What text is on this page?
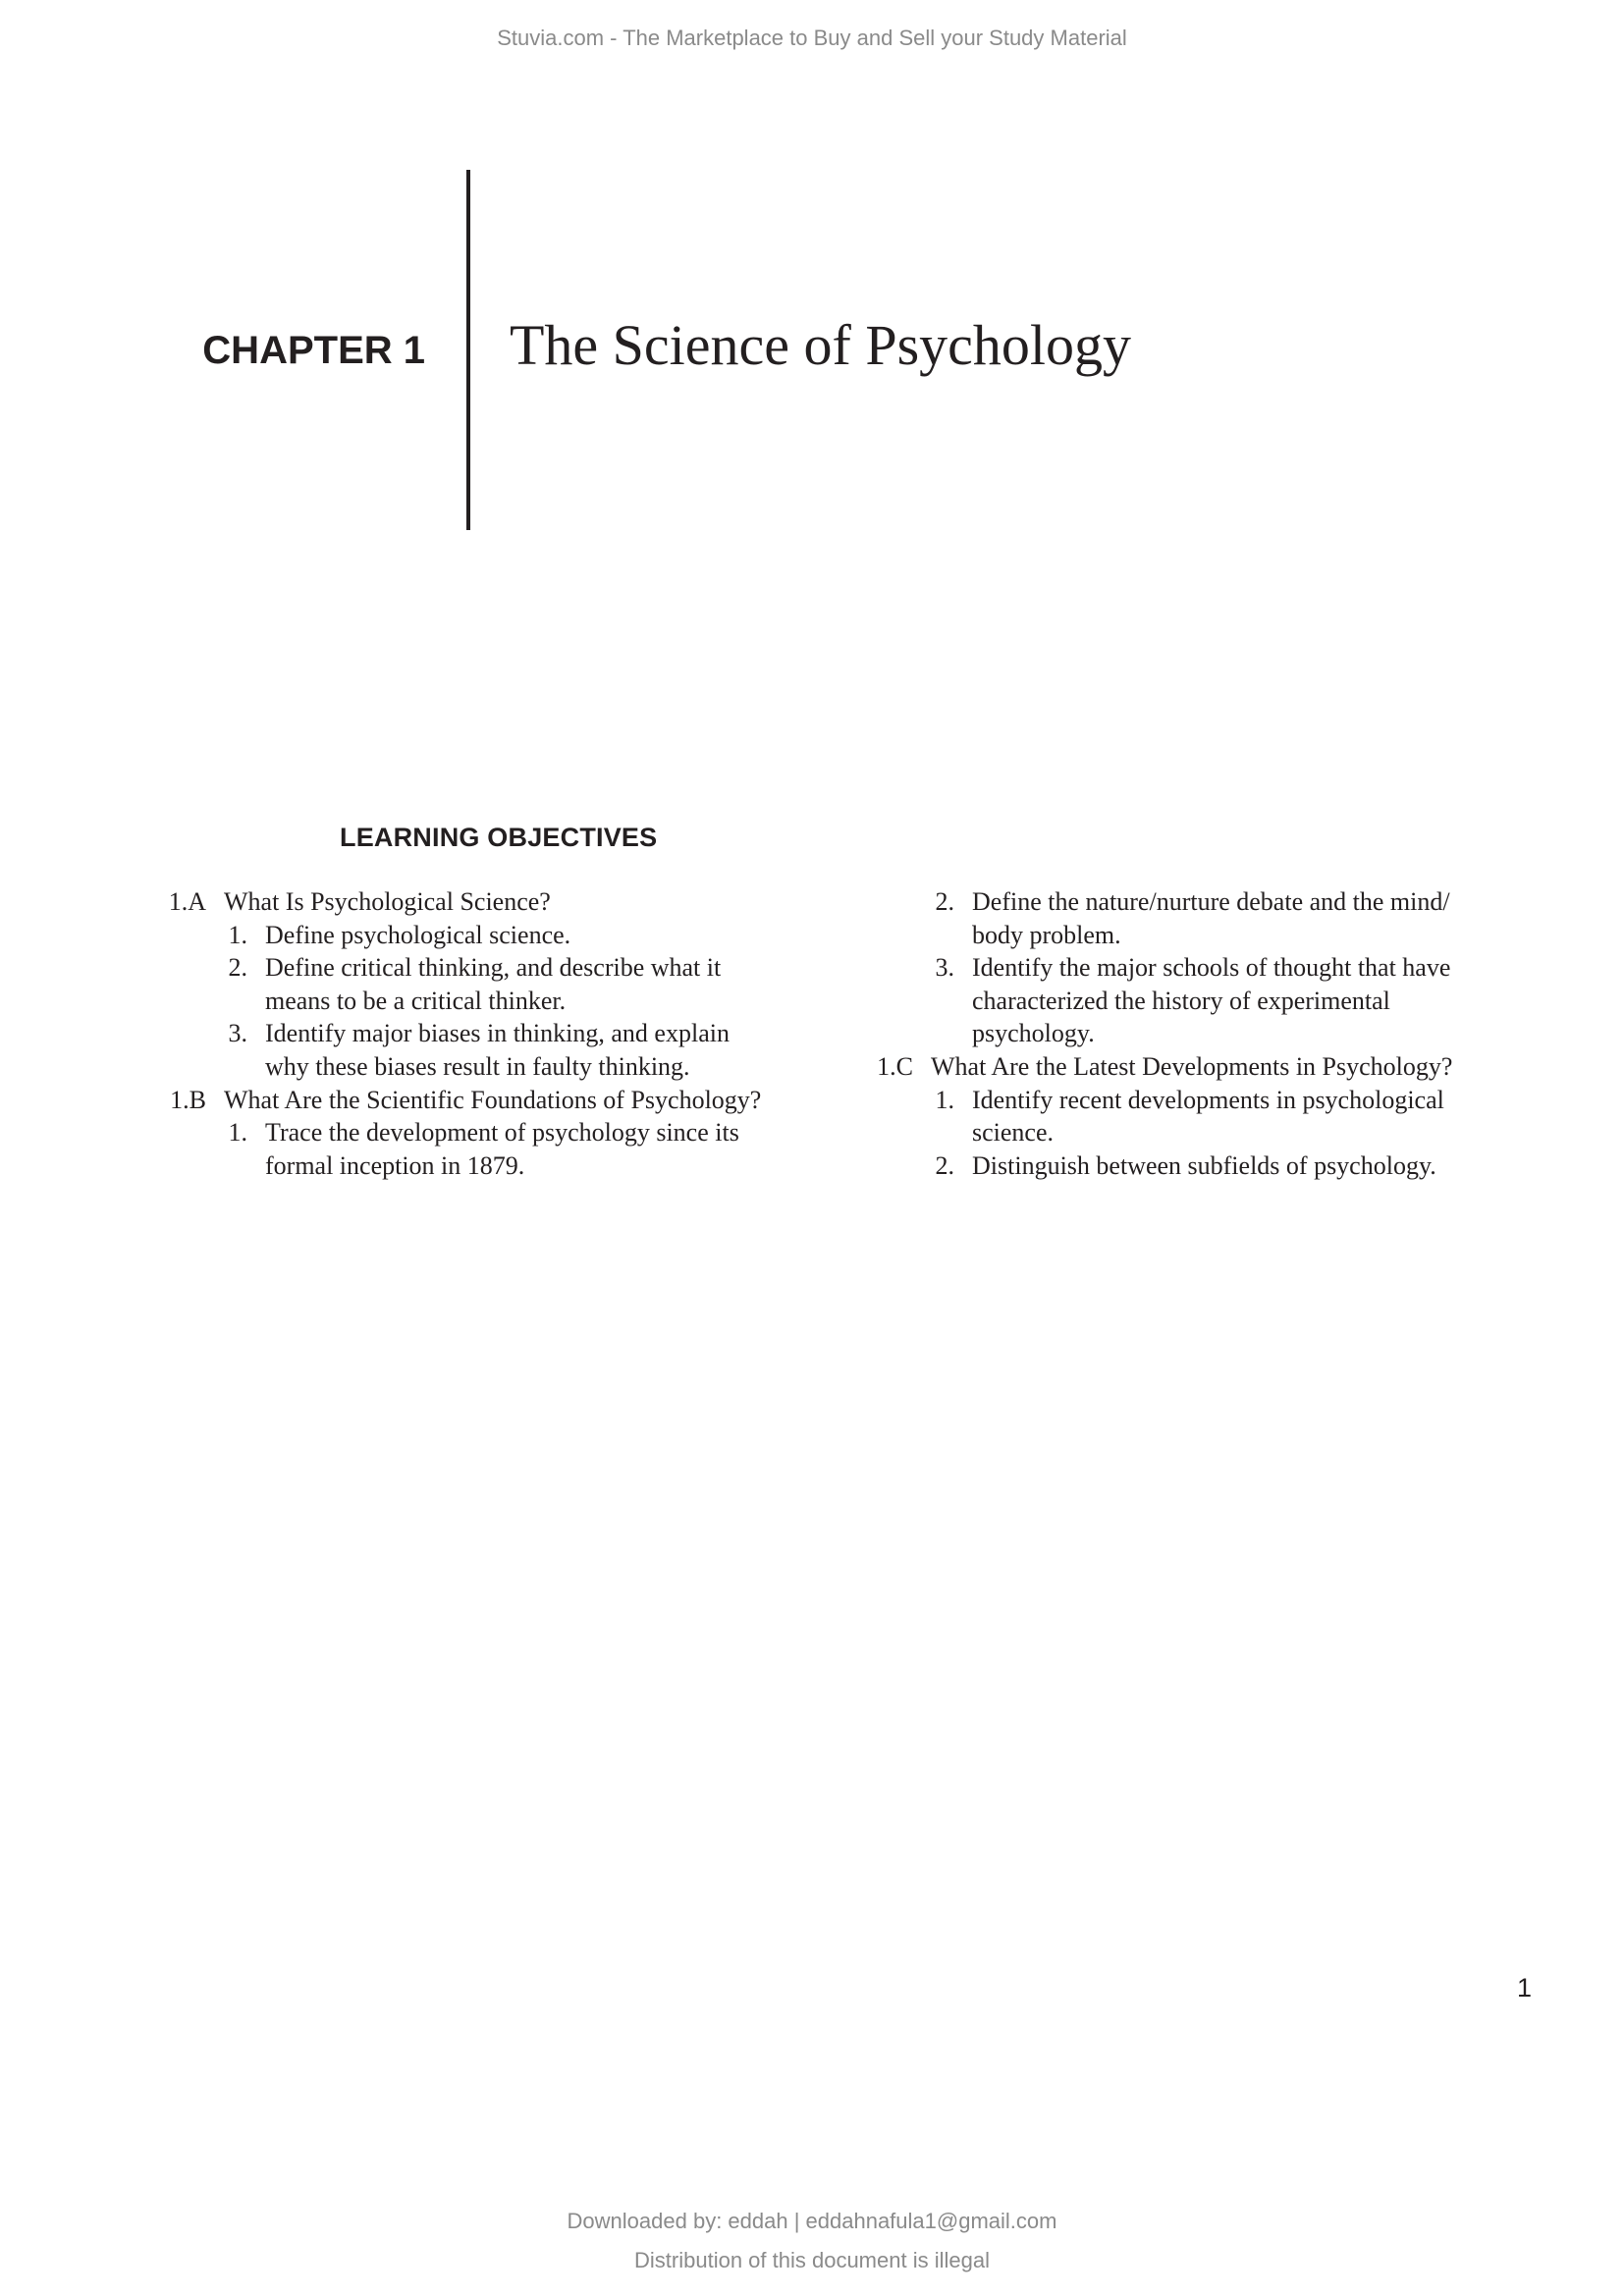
Stuvia.com - The Marketplace to Buy and Sell your Study Material
CHAPTER 1 The Science of Psychology
LEARNING OBJECTIVES
1.A What Is Psychological Science?
1. Define psychological science.
2. Define critical thinking, and describe what it
means to be a critical thinker.
3. Identify major biases in thinking, and explain
why these biases result in faulty thinking.
1.B What Are the Scientific Foundations of Psychology?
1. Trace the development of psychology since its
formal inception in 1879.
2. Define the nature/nurture debate and the mind/
body problem.
3. Identify the major schools of thought that have
characterized the history of experimental
psychology.
1.C What Are the Latest Developments in Psychology?
1. Identify recent developments in psychological
science.
2. Distinguish between subfields of psychology.
1
Downloaded by: eddah | eddahnafula1@gmail.com
Distribution of this document is illegal
